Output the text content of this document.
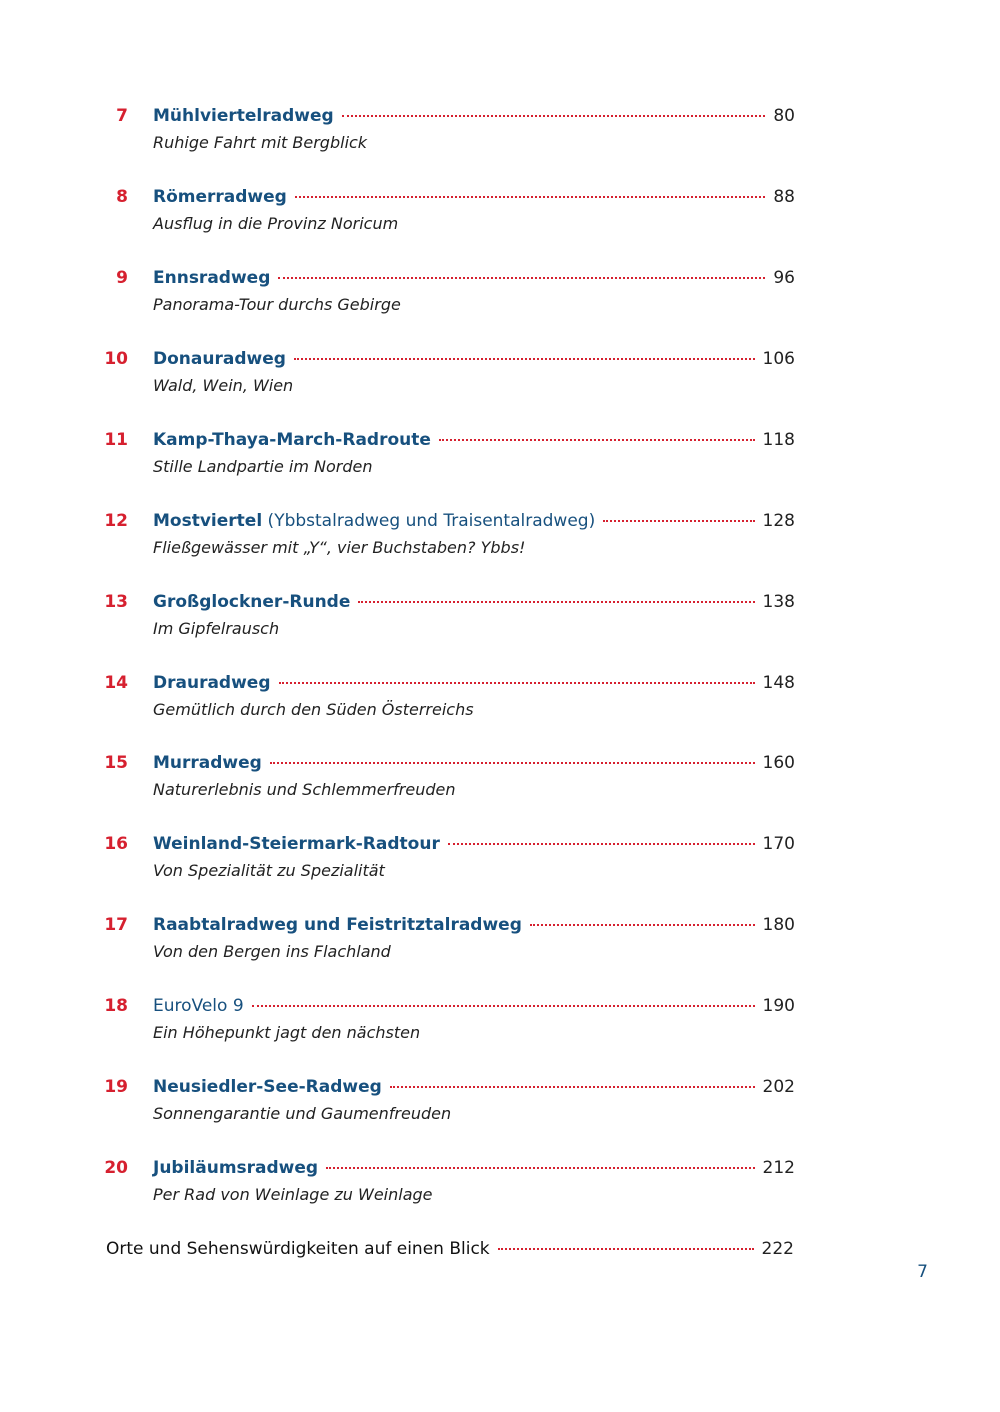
7 Mühlviertelradweg	80
Ruhige Fahrt mit Bergblick
8 Römerradweg	88
Ausflug in die Provinz Noricum
9 Ennsradweg	96
Panorama-Tour durchs Gebirge
10 Donauradweg	106
Wald, Wein, Wien
11 Kamp-Thaya-March-Radroute	118
Stille Landpartie im Norden
12 Mostviertel (Ybbstalradweg und Traisentalradweg)	128
Fließgewässer mit „Y“, vier Buchstaben? Ybbs!
13 Großglockner-Runde	138
Im Gipfelrausch
14 Drauradweg	148
Gemütlich durch den Süden Österreichs
15 Murradweg	160
Naturerlebnis und Schlemmerfreuden
16 Weinland-Steiermark-Radtour	170
Von Spezialität zu Spezialität
17 Raabtalradweg und Feistritztalradweg	180
Von den Bergen ins Flachland
18 EuroVelo 9	190
Ein Höhepunkt jagt den nächsten
19 Neusiedler-See-Radweg	202
Sonnengarantie und Gaumenfreuden
20 Jubiläumsradweg	212
Per Rad von Weinlage zu Weinlage
Orte und Sehenswürdigkeiten auf einen Blick	222
7
